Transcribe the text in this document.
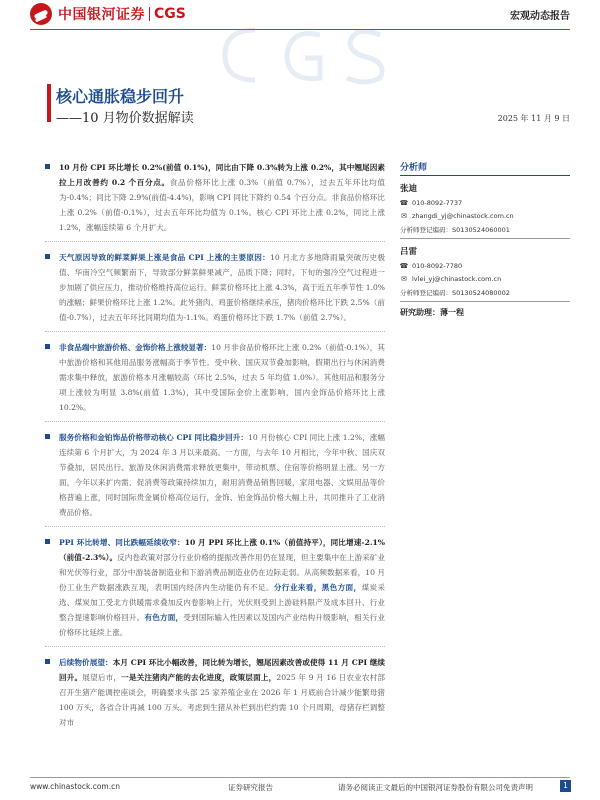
中国银河证券 CGS	宏观动态报告
核心通胀稳步回升
——10 月物价数据解读	2025 年 11 月 9 日

10 月份 CPI 环比增长 0.2%(前值 0.1%)，同比由下降 0.3%转为上涨 0.2%，其中翘尾因素拉上月改善约 0.2 个百分点。食品价格环比上涨 0.3%（前值 0.7%），过去五年环比均值为-0.4%；同比下降 2.9%(前值-4.4%)，影响 CPI 同比下降约 0.54 个百分点。非食品价格环比上涨 0.2%（前值-0.1%），过去五年环比均值为 0.1%。核心 CPI 环比上涨 0.2%，同比上涨 1.2%，涨幅连续第 6 个月扩大。

天气原因导致的鲜菜鲜果上涨是食品 CPI 上涨的主要原因：10 月北方多地降雨量突破历史极值、华南冷空气频繁南下，导致部分鲜菜鲜果减产，品质下降；同时，下旬的强冷空气过程进一步加剧了供应压力，推动价格维持高位运行。鲜菜价格环比上涨 4.3%，高于近五年季节性 1.0%的涨幅；鲜果价格环比上涨 1.2%。此外猪肉、鸡蛋价格继续承压，猪肉价格环比下跌 2.5%（前值-0.7%），过去五年环比同期均值为-1.1%。鸡蛋价格环比下跌 1.7%（前值 2.7%）。

非食品端中旅游价格、金饰价格上涨较显著：10 月非食品价格环比上涨 0.2%（前值-0.1%），其中旅游价格和其他用品服务涨幅高于季节性。受中秋、国庆双节叠加影响，假期出行与休闲消费需求集中释放，旅游价格本月涨幅较高（环比 2.5%，过去 5 年均值 1.0%）。其他用品和服务分项上涨较为明显 3.8%(前值 1.3%)，其中受国际金价上涨影响，国内金饰品价格环比上涨 10.2%。

服务价格和金铂饰品价格带动核心 CPI 同比稳步回升：10 月份核心 CPI 同比上涨 1.2%，涨幅连续第 6 个月扩大，为 2024 年 3 月以来最高。一方面，与去年 10 月相比，今年中秋、国庆双节叠加，居民出行、旅游及休闲消费需求释放更集中，带动机票、住宿等价格明显上涨。另一方面，今年以来扩内需、促消费等政策持续加力，耐用消费品销售回暖，家用电器、文娱用品等价格普遍上涨，同时国际贵金属价格高位运行，金饰、铂金饰品价格大幅上升，共同推升了工业消费品价格。

PPI 环比转增、同比跌幅延续收窄：10 月 PPI 环比上涨 0.1%（前值持平），同比增速-2.1%（前值-2.3%）。反内卷政策对部分行业价格的提振改善作用仍在显现，但主要集中在上游采矿业和光伏等行业，部分中游装备制造业和下游消费品制造业仍在边际走弱。从高频数据来看，10 月份工业生产数据涨跌互现，表明国内经济内生动能仍有不足。分行业来看，黑色方面，煤炭采选、煤炭加工受北方供暖需求叠加反内卷影响上行，光伏则受到上游硅料限产及成本回升、行业整合提速影响价格回升。有色方面，受到国际输入性因素以及国内产业结构升级影响，相关行业价格环比延续上涨。

后续物价展望：本月 CPI 环比小幅改善，同比转为增长，翘尾因素改善或使得 11 月 CPI 继续回升。展望后市，一是关注猪肉产能的去化进度，政策层面上，2025 年 9 月 16 日农业农村部召开生猪产能调控座谈会，明确要求头部 25 家养殖企业在 2026 年 1 月底前合计减少能繁母猪 100 万头，各省合计再减 100 万头。考虑到生猪从补栏到出栏约需 10 个月周期，母猪存栏调整对市

分析师
张迪
☎ 010-8092-7737
✉ zhangdi_yj@chinastock.com.cn
分析师登记编码：S0130524060001
吕雷
☎ 010-8092-7780
✉ lvlei_yj@chinastock.com.cn
分析师登记编码：S0130524080002
研究助理：薄一程
www.chinastock.com.cn	证券研究报告	请务必阅读正文最后的中国银河证券股份有限公司免责声明	1
